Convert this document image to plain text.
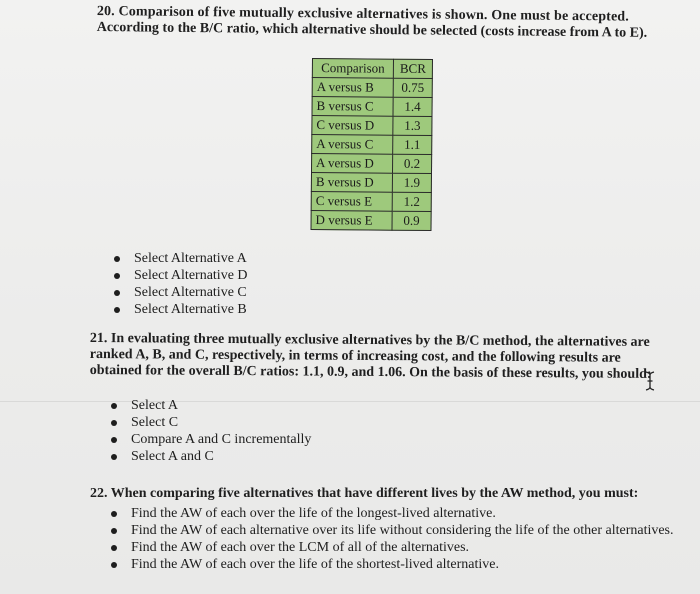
20. Comparison of five mutually exclusive alternatives is shown. One must be accepted.
According to the B/C ratio, which alternative should be selected (costs increase from A to E).
Comparison	BCR
A versus B	0.75
B versus C	1.4
C versus D	1.3
A versus C	1.1
A versus D	0.2
B versus D	1.9
C versus E	1.2
D versus E	0.9
Select Alternative A
Select Alternative D
Select Alternative C
Select Alternative B
21. In evaluating three mutually exclusive alternatives by the B/C method, the alternatives are
ranked A, B, and C, respectively, in terms of increasing cost, and the following results are
obtained for the overall B/C ratios: 1.1, 0.9, and 1.06. On the basis of these results, you should:
Select A
Select C
Compare A and C incrementally
Select A and C
22. When comparing five alternatives that have different lives by the AW method, you must:
Find the AW of each over the life of the longest-lived alternative.
Find the AW of each alternative over its life without considering the life of the other alternatives.
Find the AW of each over the LCM of all of the alternatives.
Find the AW of each over the life of the shortest-lived alternative.
